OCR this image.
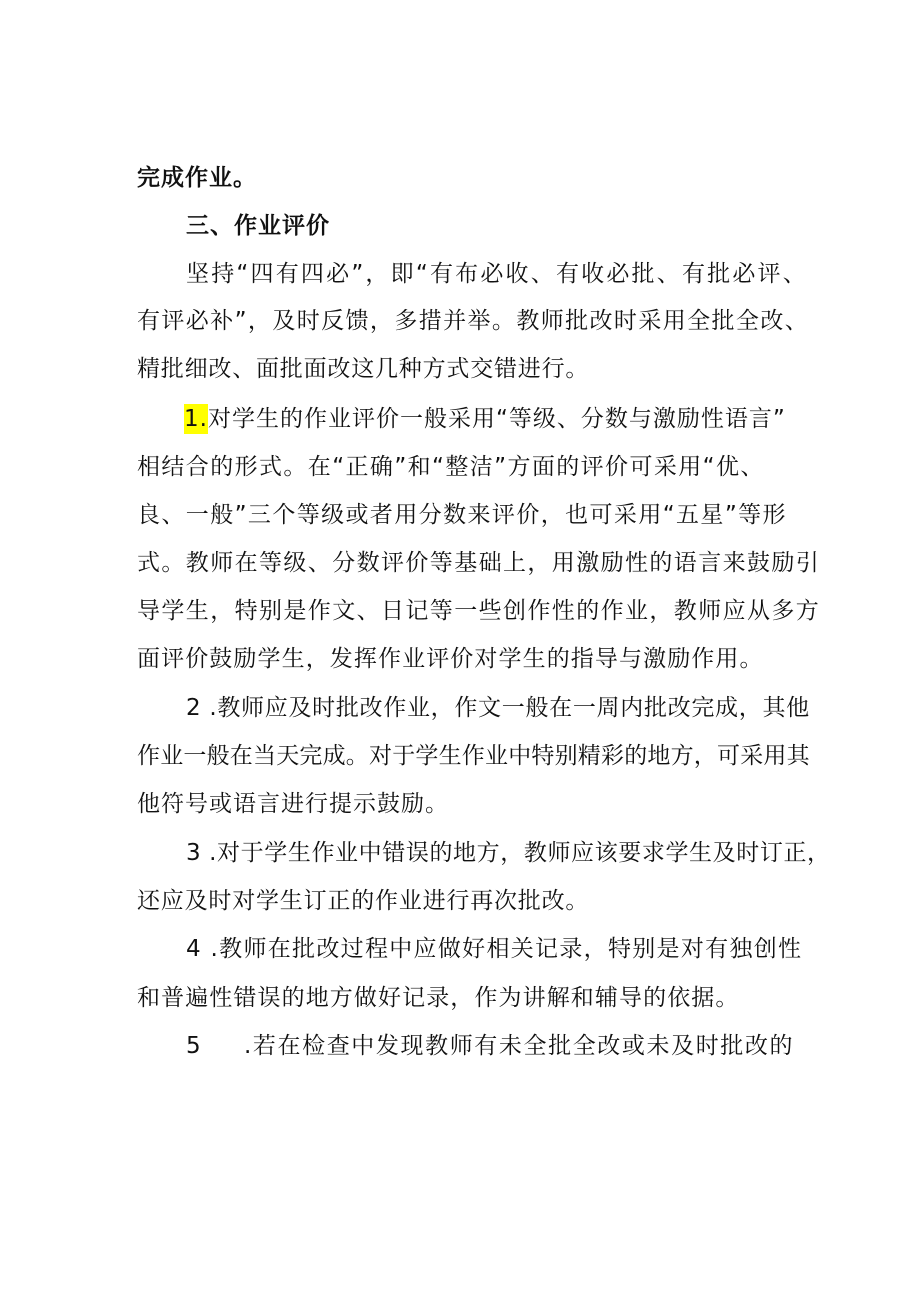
完成作业。
三、作业评价
坚持“四有四必”，即“有布必收、有收必批、有批必评、
有评必补”，及时反馈，多措并举。教师批改时采用全批全改、
精批细改、面批面改这几种方式交错进行。
1.对学生的作业评价一般采用“等级、分数与激励性语言”
相结合的形式。在“正确”和“整洁”方面的评价可采用“优、
良、一般”三个等级或者用分数来评价，也可采用“五星”等形
式。教师在等级、分数评价等基础上，用激励性的语言来鼓励引
导学生，特别是作文、日记等一些创作性的作业，教师应从多方
面评价鼓励学生，发挥作业评价对学生的指导与激励作用。
2 .教师应及时批改作业，作文一般在一周内批改完成，其他
作业一般在当天完成。对于学生作业中特别精彩的地方，可采用其
他符号或语言进行提示鼓励。
3 .对于学生作业中错误的地方，教师应该要求学生及时订正，
还应及时对学生订正的作业进行再次批改。
4 .教师在批改过程中应做好相关记录，特别是对有独创性
和普遍性错误的地方做好记录，作为讲解和辅导的依据。
5 .若在检查中发现教师有未全批全改或未及时批改的
